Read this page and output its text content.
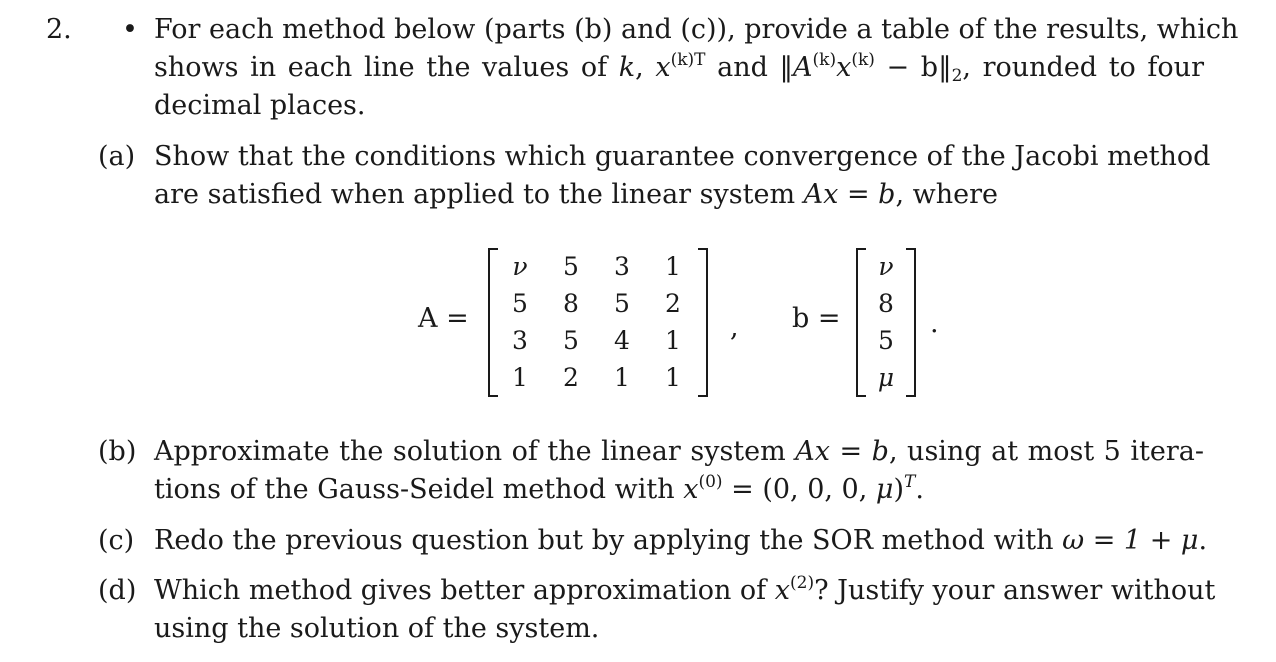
2. • For each method below (parts (b) and (c)), provide a table of the results, which
shows in each line the values of k, $x^{(k)T}$ and $‖A^{(k)}x^{(k)}$ − $b‖_2$, rounded to four
decimal places.
(a) Show that the conditions which guarantee convergence of the Jacobi method
are satisfied when applied to the linear system Ax = b, where
A =
ν	5	3	1
5	8	5	2
3	5	4	1
1	2	1	1
, b =
ν
8
5
μ
.
(b) Approximate the solution of the linear system Ax = b, using at most 5 itera-
tions of the Gauss-Seidel method with $x^{(0)} = (0$, 0, 0, μ)$^T$.
(c) Redo the previous question but by applying the SOR method with ω = 1 + μ.
(d) Which method gives better approximation of $x^{(2)}$? Justify your answer without
using the solution of the system.
